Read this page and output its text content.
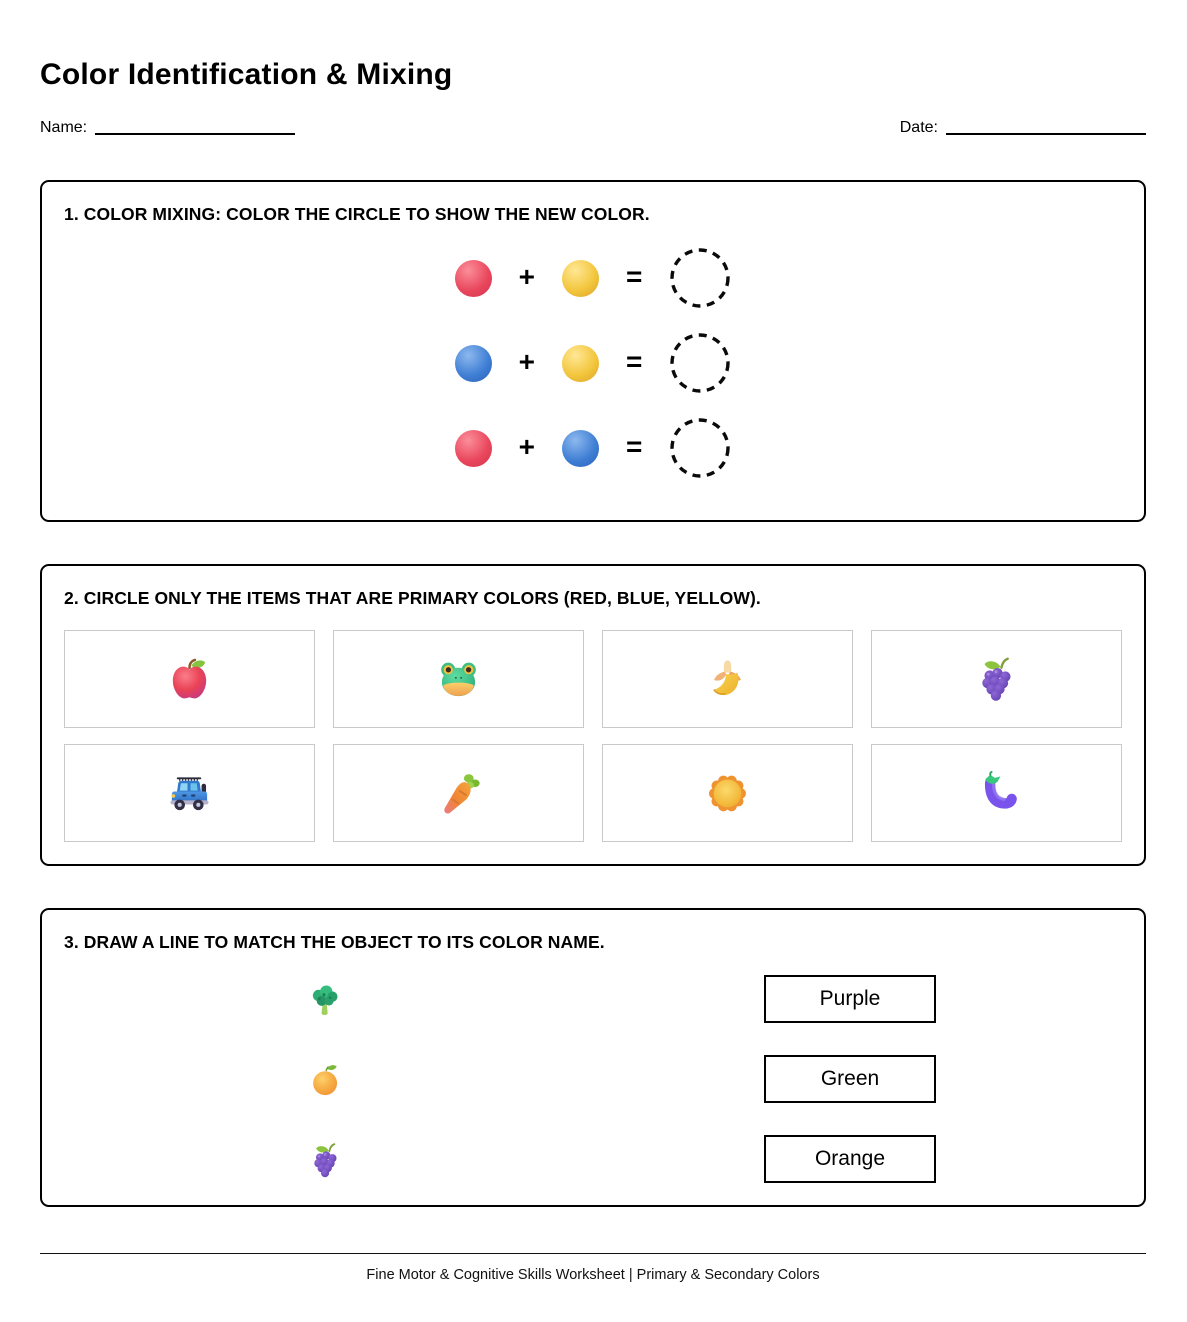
Color Identification & Mixing
Name:	Date:
1. COLOR MIXING: COLOR THE CIRCLE TO SHOW THE NEW COLOR.
+	=
+	=
+	=
2. CIRCLE ONLY THE ITEMS THAT ARE PRIMARY COLORS (RED, BLUE, YELLOW).
3. DRAW A LINE TO MATCH THE OBJECT TO ITS COLOR NAME.
Purple
Green
Orange

Fine Motor & Cognitive Skills Worksheet | Primary & Secondary Colors
